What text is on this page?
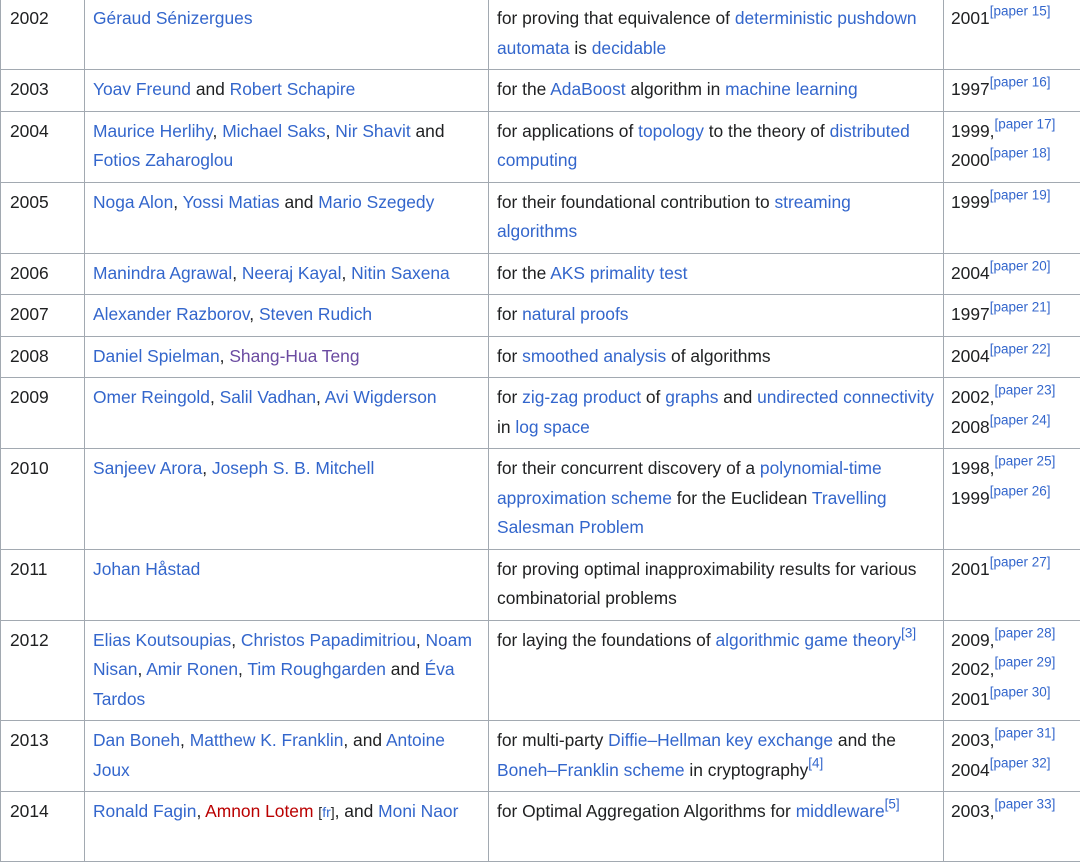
2002	Géraud Sénizergues	for proving that equivalence of deterministic pushdown automata is decidable	2001[paper 15]

2003	Yoav Freund and Robert Schapire	for the AdaBoost algorithm in machine learning	1997[paper 16]

2004	Maurice Herlihy, Michael Saks, Nir Shavit and Fotios Zaharoglou	for applications of topology to the theory of distributed computing	1999,[paper 17]
2000[paper 18]

2005	Noga Alon, Yossi Matias and Mario Szegedy	for their foundational contribution to streaming algorithms	1999[paper 19]

2006	Manindra Agrawal, Neeraj Kayal, Nitin Saxena	for the AKS primality test	2004[paper 20]

2007	Alexander Razborov, Steven Rudich	for natural proofs	1997[paper 21]

2008	Daniel Spielman, Shang-Hua Teng	for smoothed analysis of algorithms	2004[paper 22]

2009	Omer Reingold, Salil Vadhan, Avi Wigderson	for zig-zag product of graphs and undirected connectivity in log space	2002,[paper 23]
2008[paper 24]

2010	Sanjeev Arora, Joseph S. B. Mitchell	for their concurrent discovery of a polynomial-time approximation scheme for the Euclidean Travelling Salesman Problem	1998,[paper 25]
1999[paper 26]

2011	Johan Håstad	for proving optimal inapproximability results for various combinatorial problems	2001[paper 27]

2012	Elias Koutsoupias, Christos Papadimitriou, Noam Nisan, Amir Ronen, Tim Roughgarden and Éva Tardos	for laying the foundations of algorithmic game theory[3]	2009,[paper 28]
2002,[paper 29]
2001[paper 30]

2013	Dan Boneh, Matthew K. Franklin, and Antoine Joux	for multi-party Diffie–Hellman key exchange and the Boneh–Franklin scheme in cryptography[4]	2003,[paper 31]
2004[paper 32]

2014	Ronald Fagin, Amnon Lotem [fr], and Moni Naor	for Optimal Aggregation Algorithms for middleware[5]	2003,[paper 33]
